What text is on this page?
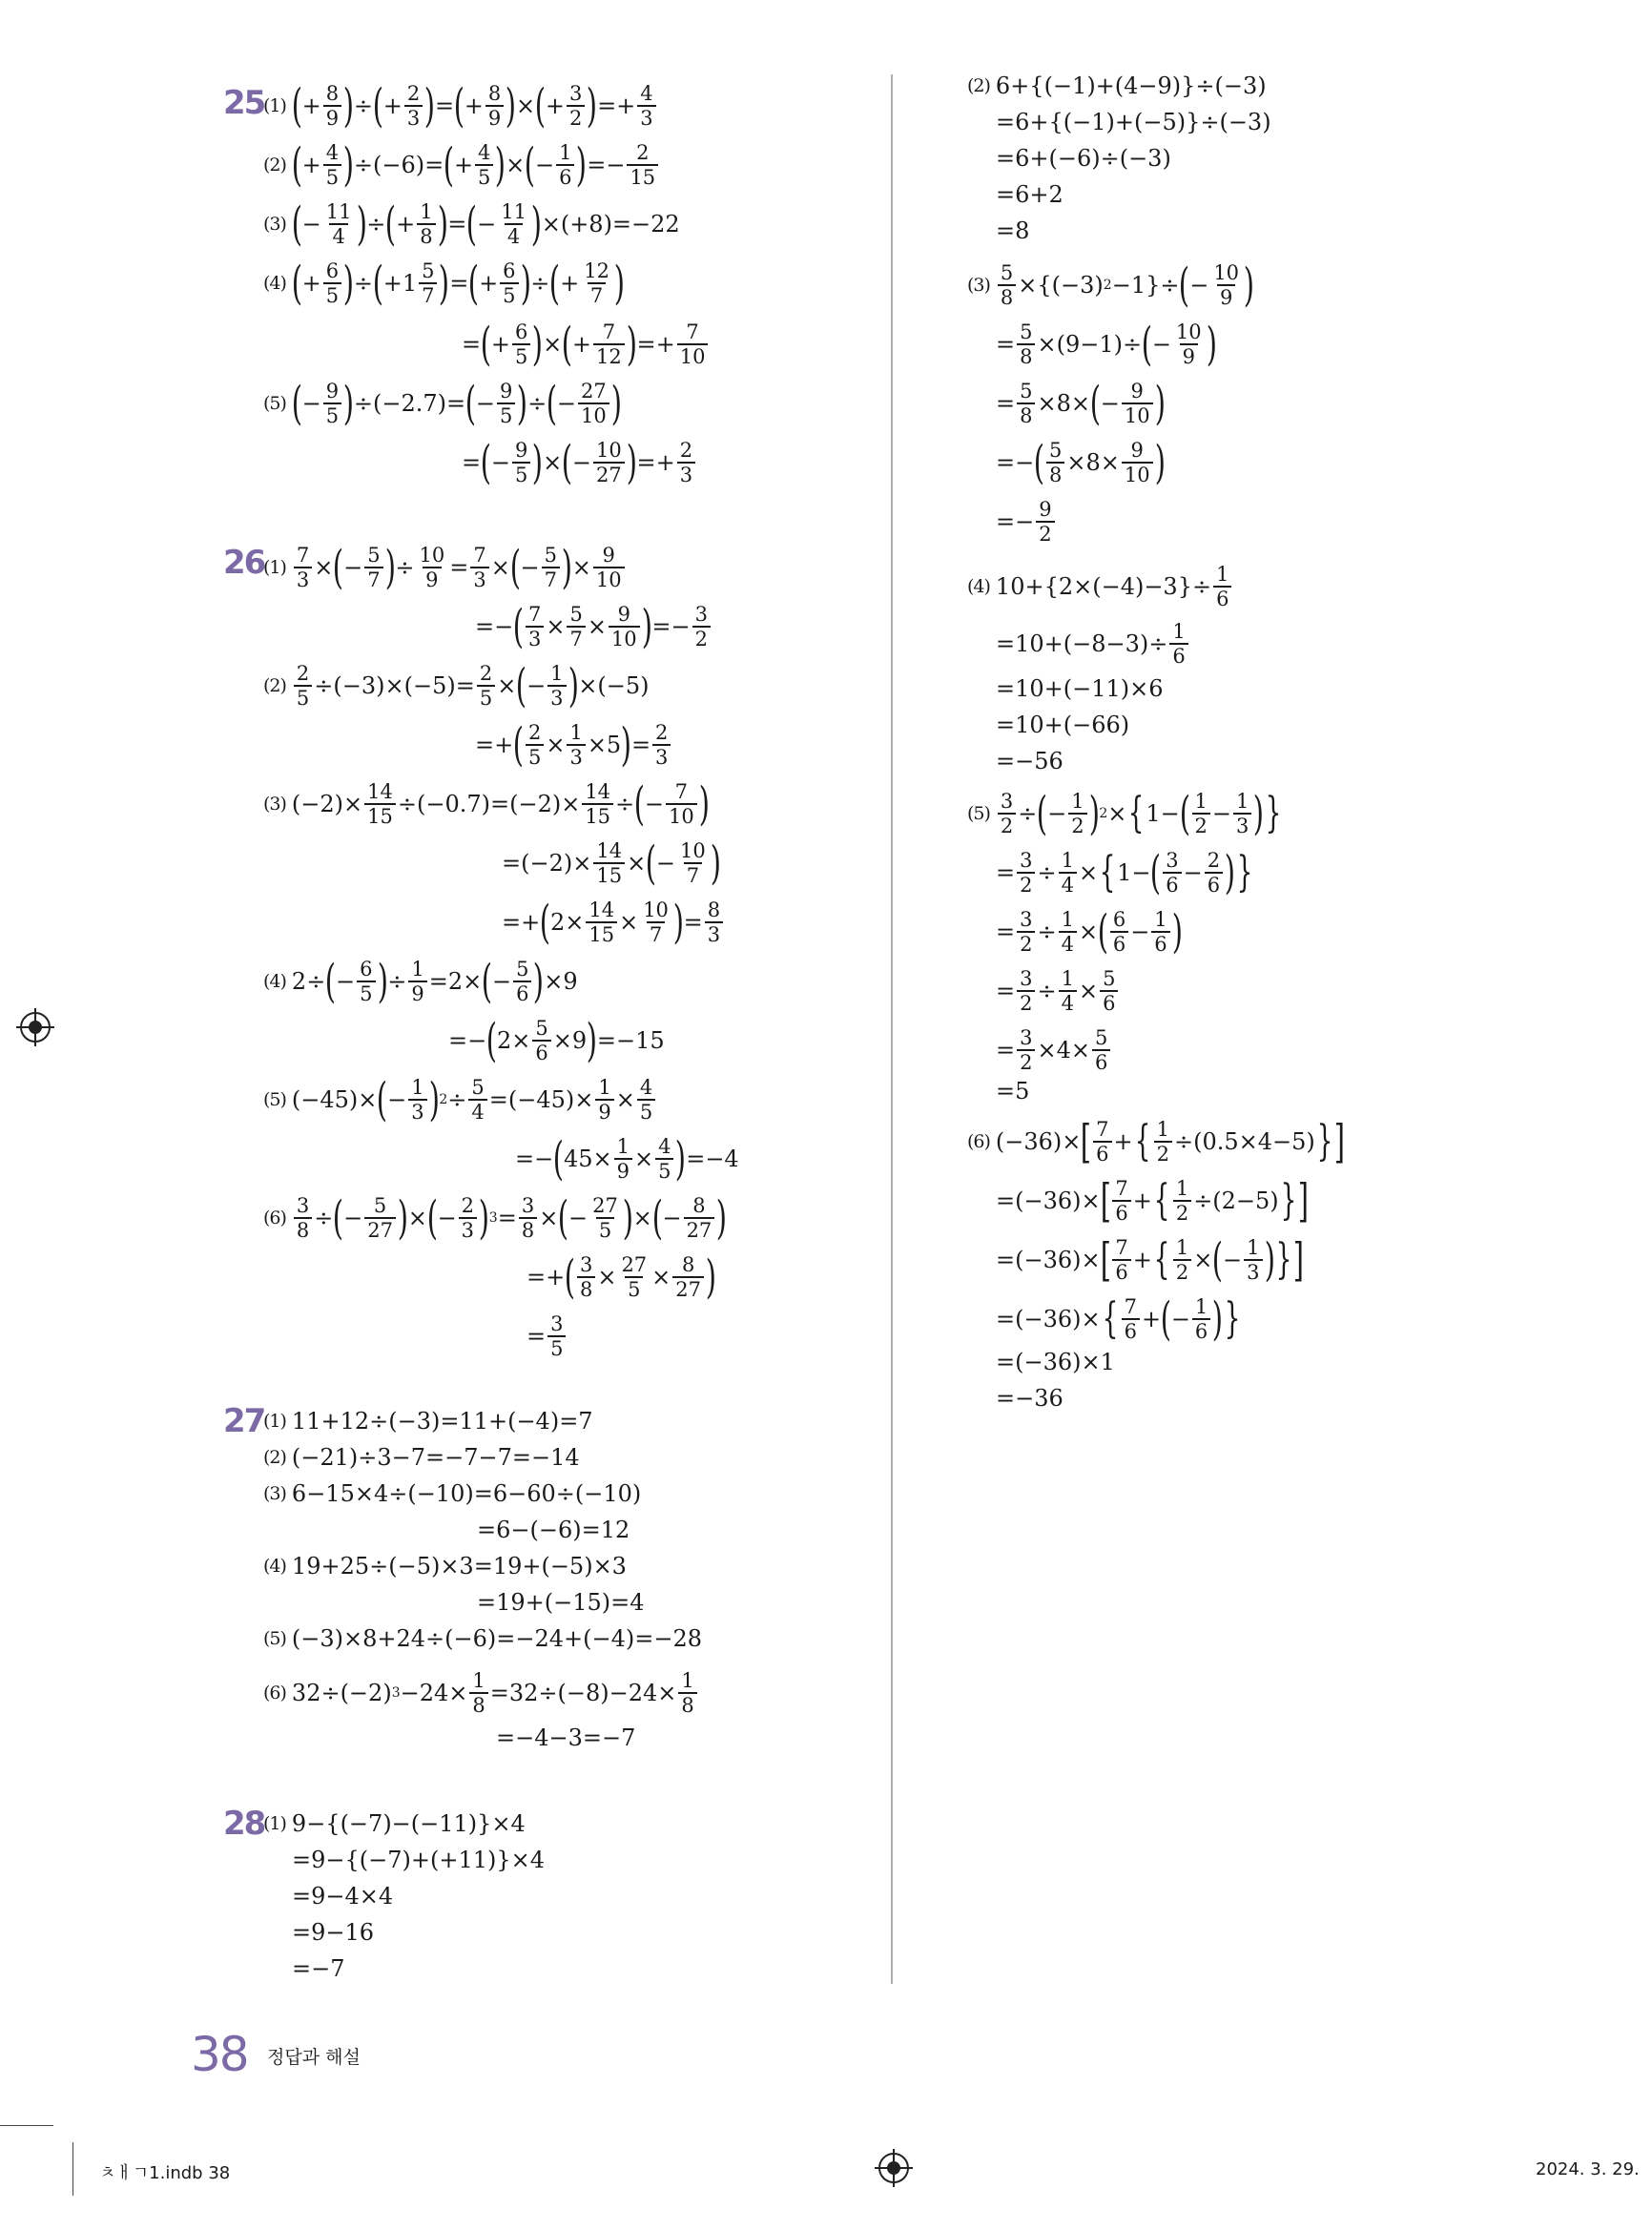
25
(1) ( + $\frac{8}{9}$ ) ÷ ( + $\frac{2}{3}$ ) = ( + $\frac{8}{9}$ ) × ( + $\frac{3}{2}$ ) =+ $\frac{4}{3}$
(2) ( + $\frac{4}{5}$ ) ÷(−6)= ( + $\frac{4}{5}$ ) × ( − $\frac{1}{6}$ ) =− $\frac{2}{15}$
(3) ( − $\frac{11}{4}$ ) ÷ ( + $\frac{1}{8}$ ) = ( − $\frac{11}{4}$ ) ×(+8)=−22
(4) ( + $\frac{6}{5}$ ) ÷ ( $+1 \frac{5}{7}$ ) = ( + $\frac{6}{5}$ ) ÷ ( + $\frac{12}{7}$ )
= ( + $\frac{6}{5}$ ) × ( + $\frac{7}{12}$ ) =+ $\frac{7}{10}$
(5) ( − $\frac{9}{5}$ ) ÷(−2.7)= ( − $\frac{9}{5}$ ) ÷ ( − $\frac{27}{10}$ )
= ( − $\frac{9}{5}$ ) × ( − $\frac{10}{27}$ ) =+ $\frac{2}{3}$
26
$(1) \frac{7}{3}$ × ( − $\frac{5}{7}$ ) ÷ $\frac{10}{9} = \frac{7}{3}$ × ( − $\frac{5}{7}$ ) × $\frac{9}{10}$
=− ( $\frac{7}{3} \times \frac{5}{7} \times \frac{9}{10}$ ) =− $\frac{3}{2}$
$(2) \frac{2}{5} \div(-3)\times(-5)= \frac{2}{5}$ × ( − $\frac{1}{3}$ ) ×(−5)
=+ ( $\frac{2}{5} \times \frac{1}{3} \times 5$ ) = $\frac{2}{3}$
(3) $(-2)\times \frac{14}{15} \div(-0.7)=(-2)\times \frac{14}{15}$ ÷ ( − $\frac{7}{10}$ )
$=(-2)\times \frac{14}{15}$ × ( − $\frac{10}{7}$ )
=+ ( $2\times \frac{14}{15} \times \frac{10}{7}$ ) = $\frac{8}{3}$
(4) 2÷ ( − $\frac{6}{5}$ ) ÷ $\frac{1}{9} =2\times$ ( − $\frac{5}{6}$ ) ×9
=− ( $2\times \frac{5}{6} \times 9$ ) =−15
(5) (−45)× ( − $\frac{1}{3}$ ) $2 \div \frac{5}{4} =(-45)\times \frac{1}{9} \times \frac{4}{5}$
=− ( $45\times \frac{1}{9} \times \frac{4}{5}$ ) =−4
$(6) \frac{3}{8}$ ÷ ( − $\frac{5}{27}$ ) × ( − $\frac{2}{3}$ ) $3 = \frac{3}{8}$ × ( − $\frac{27}{5}$ ) × ( − $\frac{8}{27}$ )
=+ ( $\frac{3}{8} \times \frac{27}{5} \times \frac{8}{27}$ )
= $\frac{3}{5}$
27
(1) 11+12÷(−3)=11+(−4)=7
(2) (−21)÷3−7=−7−7=−14
(3) 6−15×4÷(−10)=6−60÷(−10)
=6−(−6)=12
(4) 19+25÷(−5)×3=19+(−5)×3
=19+(−15)=4
(5) (−3)×8+24÷(−6)=−24+(−4)=−28
(6) 32÷(−2) $3 -24\times \frac{1}{8} =32\div(-8)-24\times \frac{1}{8}$
=−4−3=−7
28
(1) 9−{(−7)−(−11)}×4
=9−{(−7)+(+11)}×4
=9−4×4
=9−16
=−7
(2) 6+{(−1)+(4−9)}÷(−3)
=6+{(−1)+(−5)}÷(−3)
=6+(−6)÷(−3)
=6+2
=8
$(3) \frac{5}{8} \times\{(-3)$ 2 −1}÷ ( − $\frac{10}{9}$ )
= $\frac{5}{8} \times(9-1)\div$ ( − $\frac{10}{9}$ )
= $\frac{5}{8} \times 8\times$ ( − $\frac{9}{10}$ )
=− ( $\frac{5}{8} \times 8\times \frac{9}{10}$ )
=− $\frac{9}{2}$
(4) $10+\{2\times(-4)-3\}\div \frac{1}{6}$
$=10+(-8-3)\div \frac{1}{6}$
=10+(−11)×6
=10+(−66)
=−56
$(5) \frac{3}{2}$ ÷ ( − $\frac{1}{2}$ ) 2 × { 1− ( $\frac{1}{2} - \frac{1}{3}$ ) }
= $\frac{3}{2} \div \frac{1}{4}$ × { 1− ( $\frac{3}{6} - \frac{2}{6}$ ) }
= $\frac{3}{2} \div \frac{1}{4}$ × ( $\frac{6}{6} - \frac{1}{6}$ )
= $\frac{3}{2} \div \frac{1}{4} \times \frac{5}{6}$
= $\frac{3}{2} \times 4\times \frac{5}{6}$
=5
(6) (−36)× [ $\frac{7}{6}$ + { $\frac{1}{2} \div(0.5\times 4-5)$ } ]
=(−36)× [ $\frac{7}{6}$ + { $\frac{1}{2} \div(2-5)$ } ]
=(−36)× [ $\frac{7}{6}$ + { $\frac{1}{2}$ × ( − $\frac{1}{3}$ ) } ]
=(−36)× { $\frac{7}{6}$ + ( − $\frac{1}{6}$ ) }
=(−36)×1
=−36
38 정답과 해설
ㅊㅐㄱ1.indb 38	2024. 3. 29.
